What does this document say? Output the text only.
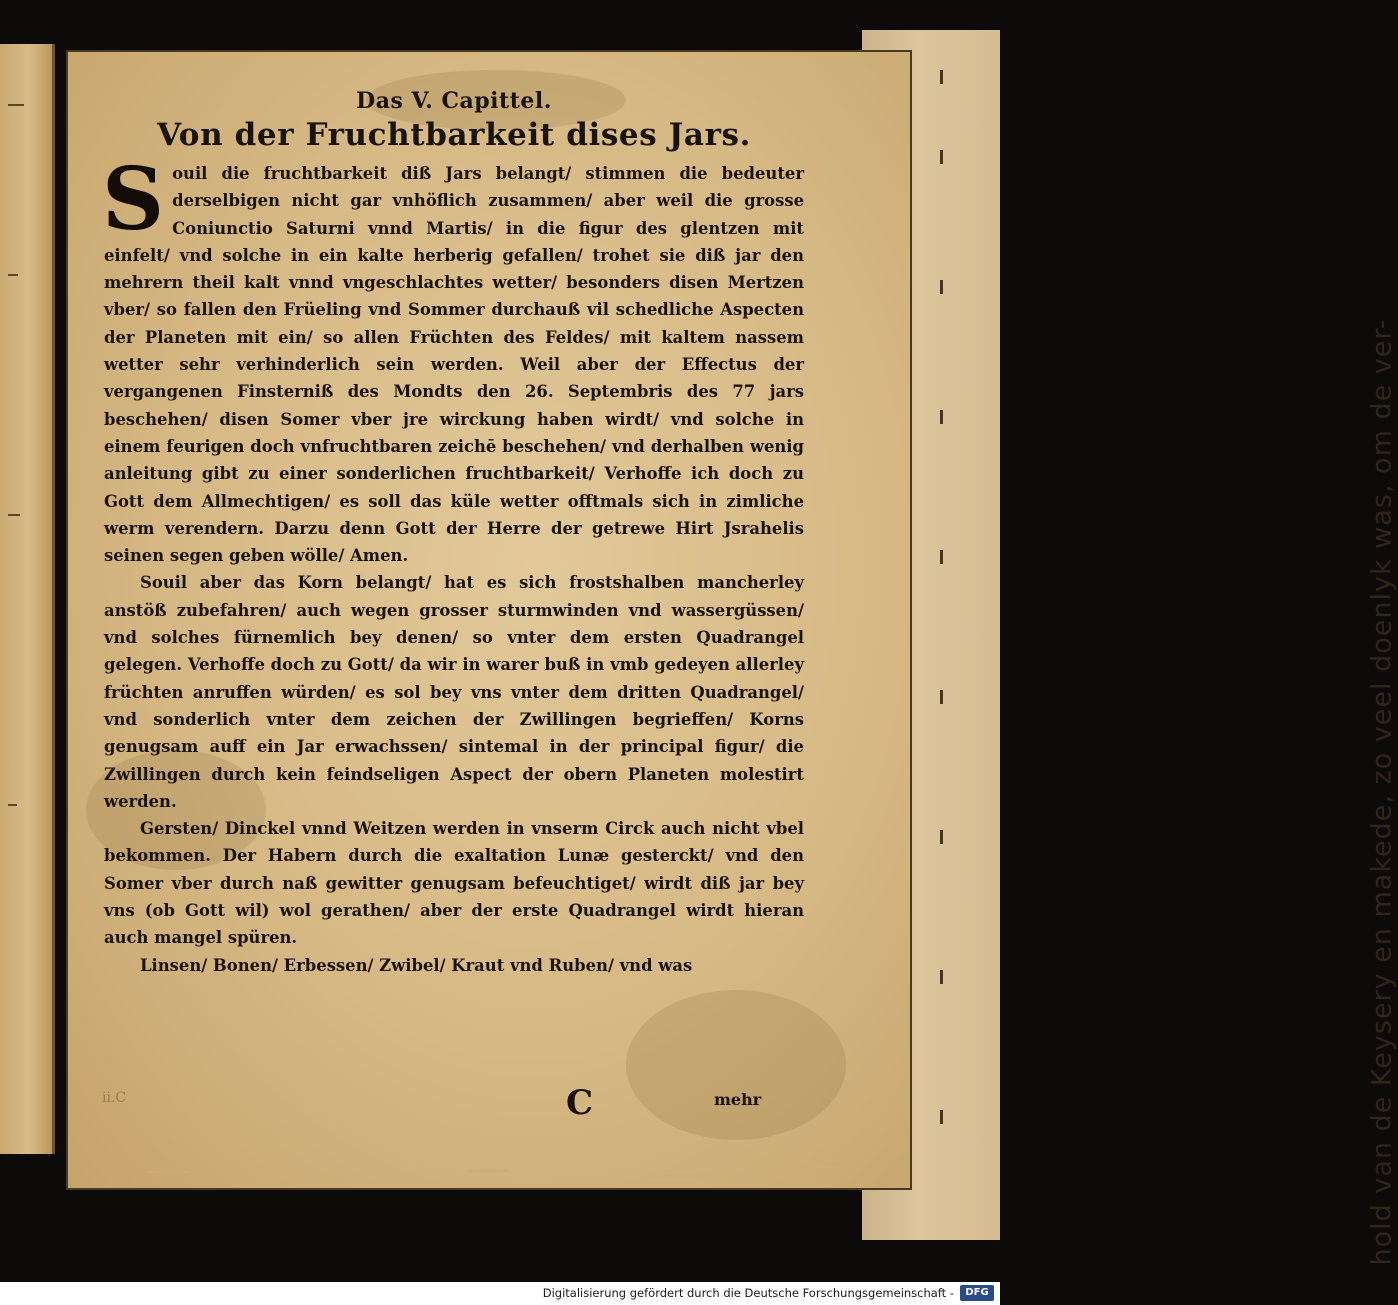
hold van de Keysery en makede, zo veel doenlyk was, om de ver-
Das V. Capittel.
Von der Fruchtbarkeit dises Jars.

S ouil die fruchtbarkeit diß Jars belangt/ stimmen die bedeuter derselbigen nicht gar vnhöflich zusammen/ aber weil die grosse Coniunctio Saturni vnnd Martis/ in die figur des glentzen mit einfelt/ vnd solche in ein kalte herberig gefallen/ trohet sie diß jar den mehrern theil kalt vnnd vngeschlachtes wetter/ besonders disen Mertzen vber/ so fallen den Früeling vnd Sommer durchauß vil schedliche Aspecten der Planeten mit ein/ so allen Früchten des Feldes/ mit kaltem nassem wetter sehr verhinderlich sein werden. Weil aber der Effectus der vergangenen Finsterniß des Mondts den 26. Septembris des 77 jars beschehen/ disen Somer vber jre wirckung haben wirdt/ vnd solche in einem feurigen doch vnfruchtbaren zeichē beschehen/ vnd derhalben wenig anleitung gibt zu einer sonderlichen fruchtbarkeit/ Verhoffe ich doch zu Gott dem Allmechtigen/ es soll das küle wetter offtmals sich in zimliche werm verendern. Darzu denn Gott der Herre der getrewe Hirt Jsrahelis seinen segen geben wölle/ Amen.

Souil aber das Korn belangt/ hat es sich frostshalben mancherley anstöß zubefahren/ auch wegen grosser sturmwinden vnd wassergüssen/ vnd solches fürnemlich bey denen/ so vnter dem ersten Quadrangel gelegen. Verhoffe doch zu Gott/ da wir in warer buß in vmb gedeyen allerley früchten anruffen würden/ es sol bey vns vnter dem dritten Quadrangel/ vnd sonderlich vnter dem zeichen der Zwillingen begrieffen/ Korns genugsam auff ein Jar erwachssen/ sintemal in der principal figur/ die Zwillingen durch kein feindseligen Aspect der obern Planeten molestirt werden.

Gersten/ Dinckel vnnd Weitzen werden in vnserm Circk auch nicht vbel bekommen. Der Habern durch die exaltation Lunæ gesterckt/ vnd den Somer vber durch naß gewitter genugsam befeuchtiget/ wirdt diß jar bey vns (ob Gott wil) wol gerathen/ aber der erste Quadrangel wirdt hieran auch mangel spüren.

Linsen/ Bonen/ Erbessen/ Zwibel/ Kraut vnd Ruben/ vnd was

ii.C	C	mehr
Digitalisierung gefördert durch die Deutsche Forschungsgemeinschaft -	DFG
